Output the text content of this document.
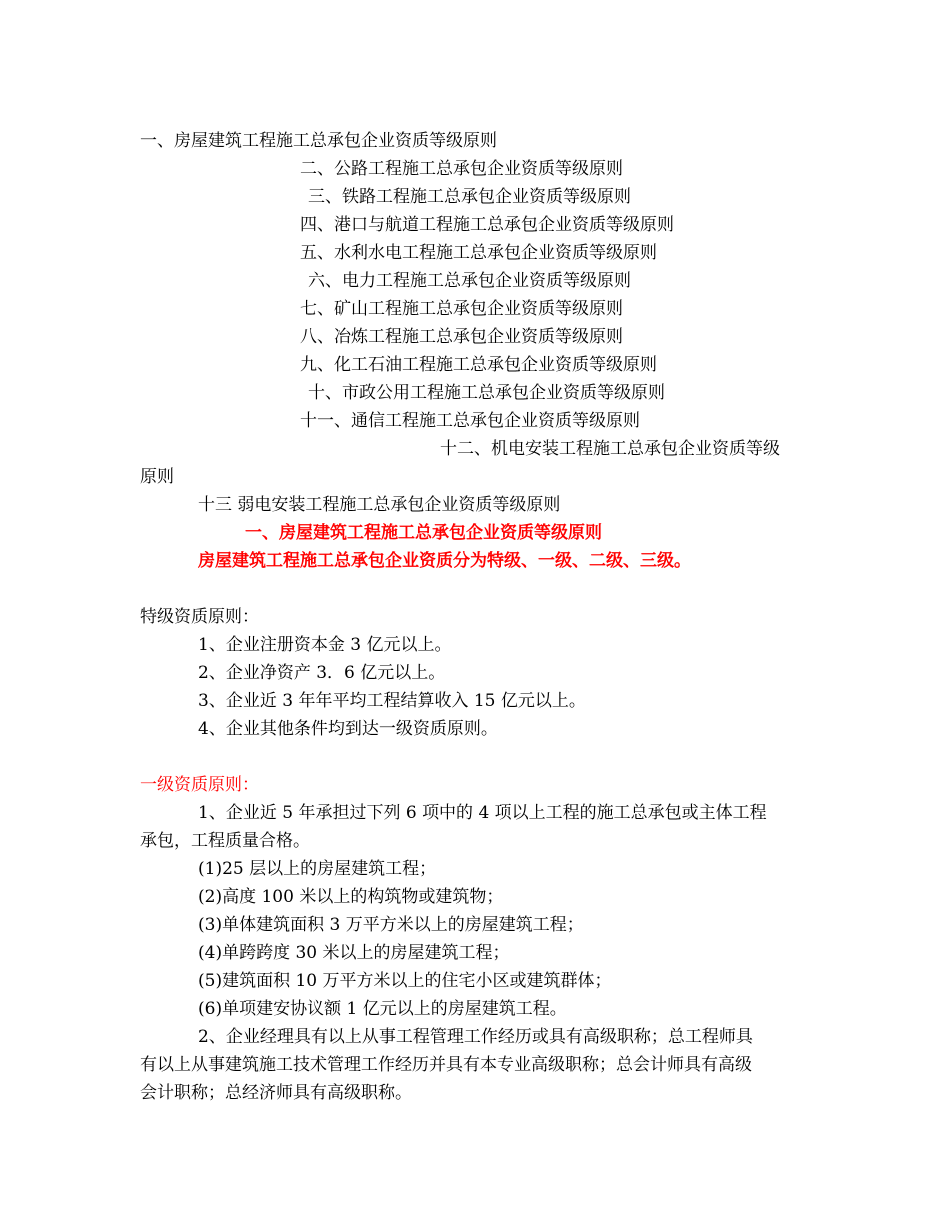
一、房屋建筑工程施工总承包企业资质等级原则
二、公路工程施工总承包企业资质等级原则
三、铁路工程施工总承包企业资质等级原则
四、港口与航道工程施工总承包企业资质等级原则
五、水利水电工程施工总承包企业资质等级原则
六、电力工程施工总承包企业资质等级原则
七、矿山工程施工总承包企业资质等级原则
八、冶炼工程施工总承包企业资质等级原则
九、化工石油工程施工总承包企业资质等级原则
十、市政公用工程施工总承包企业资质等级原则
十一、通信工程施工总承包企业资质等级原则
十二、机电安装工程施工总承包企业资质等级
原则
十三 弱电安装工程施工总承包企业资质等级原则
一、房屋建筑工程施工总承包企业资质等级原则
房屋建筑工程施工总承包企业资质分为特级、一级、二级、三级。
特级资质原则：
1、企业注册资本金 3 亿元以上。
2、企业净资产 3．6 亿元以上。
3、企业近 3 年年平均工程结算收入 15 亿元以上。
4、企业其他条件均到达一级资质原则。
一级资质原则：
1、企业近 5 年承担过下列 6 项中的 4 项以上工程的施工总承包或主体工程
承包，工程质量合格。
(1)25 层以上的房屋建筑工程；
(2)高度 100 米以上的构筑物或建筑物；
(3)单体建筑面积 3 万平方米以上的房屋建筑工程；
(4)单跨跨度 30 米以上的房屋建筑工程；
(5)建筑面积 10 万平方米以上的住宅小区或建筑群体；
(6)单项建安协议额 1 亿元以上的房屋建筑工程。
2、企业经理具有以上从事工程管理工作经历或具有高级职称；总工程师具
有以上从事建筑施工技术管理工作经历并具有本专业高级职称；总会计师具有高级
会计职称；总经济师具有高级职称。
